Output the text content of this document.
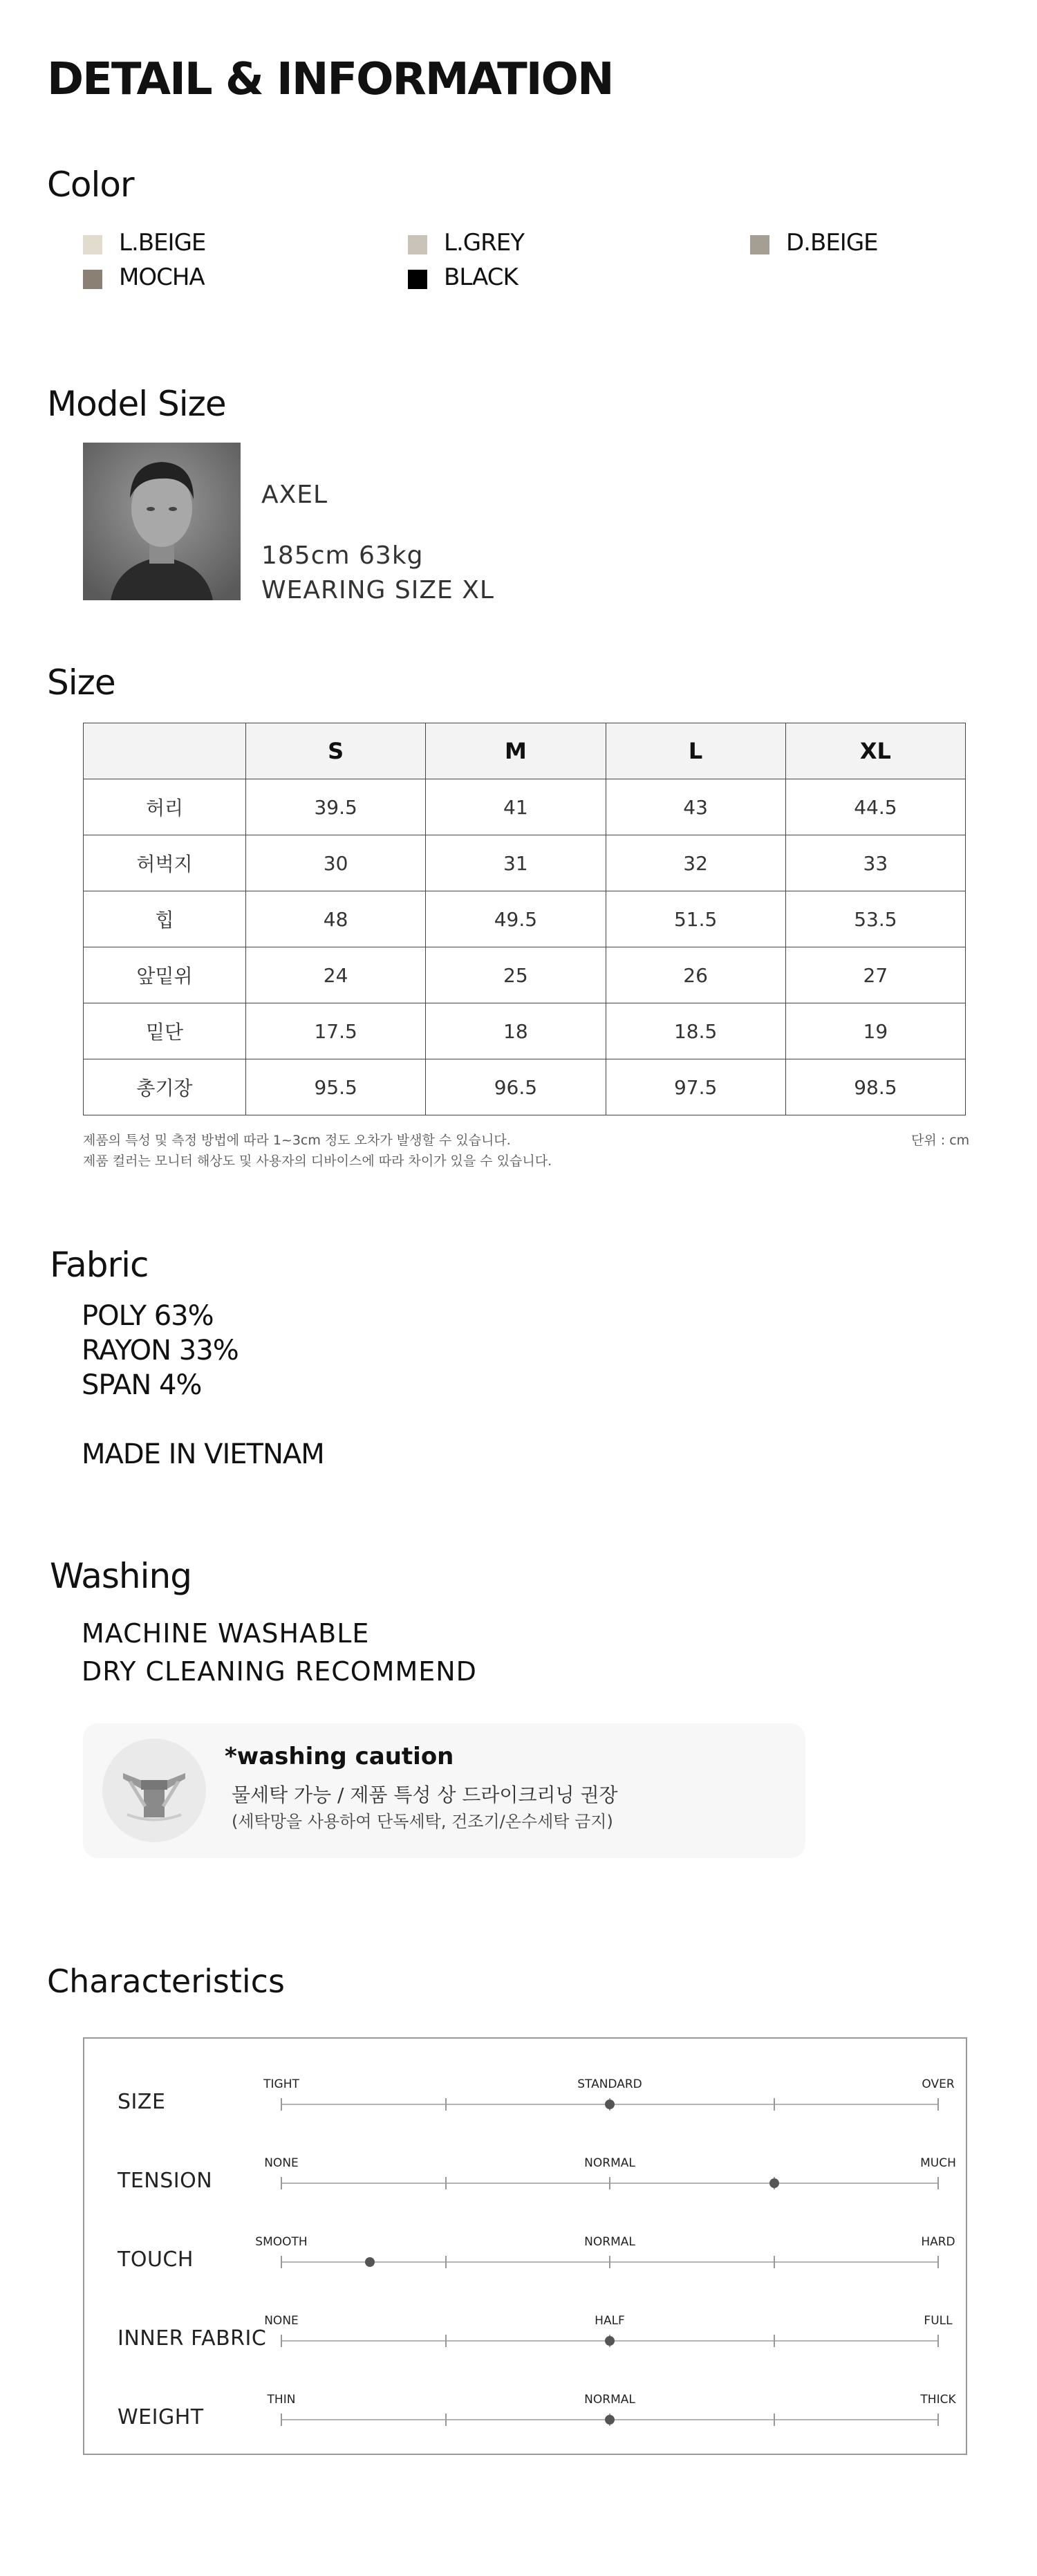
DETAIL & INFORMATION
Color
L.BEIGE	L.GREY	D.BEIGE
MOCHA	BLACK
Model Size
AXEL
185cm 63kg
WEARING SIZE XL
Size
	S	M	L	XL
허리	39.5	41	43	44.5
허벅지	30	31	32	33
힙	48	49.5	51.5	53.5
앞밑위	24	25	26	27
밑단	17.5	18	18.5	19
총기장	95.5	96.5	97.5	98.5
제품의 특성 및 측정 방법에 따라 1~3cm 정도 오차가 발생할 수 있습니다.
제품 컬러는 모니터 해상도 및 사용자의 디바이스에 따라 차이가 있을 수 있습니다.
단위 : cm
Fabric
POLY 63%
RAYON 33%
SPAN 4%
MADE IN VIETNAM
Washing
MACHINE WASHABLE
DRY CLEANING RECOMMEND
*washing caution
물세탁 가능 / 제품 특성 상 드라이크리닝 권장
(세탁망을 사용하여 단독세탁, 건조기/온수세탁 금지)
Characteristics
SIZE
TIGHT	STANDARD	OVER
TENSION
NONE	NORMAL	MUCH
TOUCH
SMOOTH	NORMAL	HARD
INNER FABRIC
NONE	HALF	FULL
WEIGHT
THIN	NORMAL	THICK
